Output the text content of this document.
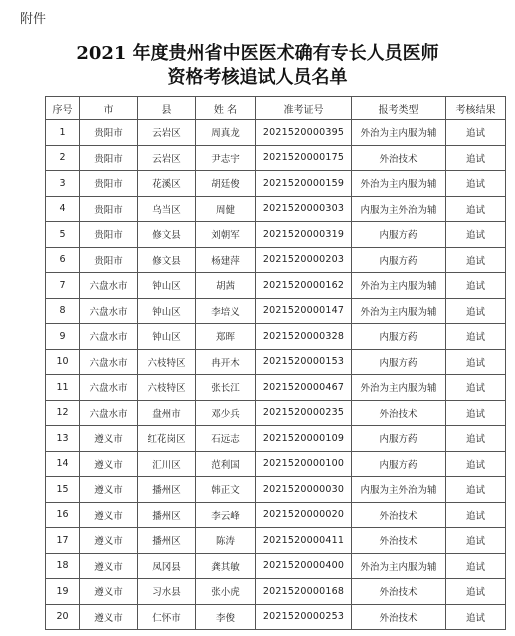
附件
2021 年度贵州省中医医术确有专长人员医师
资格考核追试人员名单
序号	市	县	姓 名	准考证号	报考类型	考核结果
1	贵阳市	云岩区	周真龙	2021520000395	外治为主内服为辅	追试
2	贵阳市	云岩区	尹志宇	2021520000175	外治技术	追试
3	贵阳市	花溪区	胡廷俊	2021520000159	外治为主内服为辅	追试
4	贵阳市	乌当区	周健	2021520000303	内服为主外治为辅	追试
5	贵阳市	修文县	刘朝军	2021520000319	内服方药	追试
6	贵阳市	修文县	杨建萍	2021520000203	内服方药	追试
7	六盘水市	钟山区	胡茜	2021520000162	外治为主内服为辅	追试
8	六盘水市	钟山区	李培义	2021520000147	外治为主内服为辅	追试
9	六盘水市	钟山区	郑晖	2021520000328	内服方药	追试
10	六盘水市	六枝特区	冉开木	2021520000153	内服方药	追试
11	六盘水市	六枝特区	张长江	2021520000467	外治为主内服为辅	追试
12	六盘水市	盘州市	邓少兵	2021520000235	外治技术	追试
13	遵义市	红花岗区	石远志	2021520000109	内服方药	追试
14	遵义市	汇川区	范利国	2021520000100	内服方药	追试
15	遵义市	播州区	韩正文	2021520000030	内服为主外治为辅	追试
16	遵义市	播州区	李云峰	2021520000020	外治技术	追试
17	遵义市	播州区	陈涛	2021520000411	外治技术	追试
18	遵义市	凤冈县	龚其敏	2021520000400	外治为主内服为辅	追试
19	遵义市	习水县	张小虎	2021520000168	外治技术	追试
20	遵义市	仁怀市	李俊	2021520000253	外治技术	追试
